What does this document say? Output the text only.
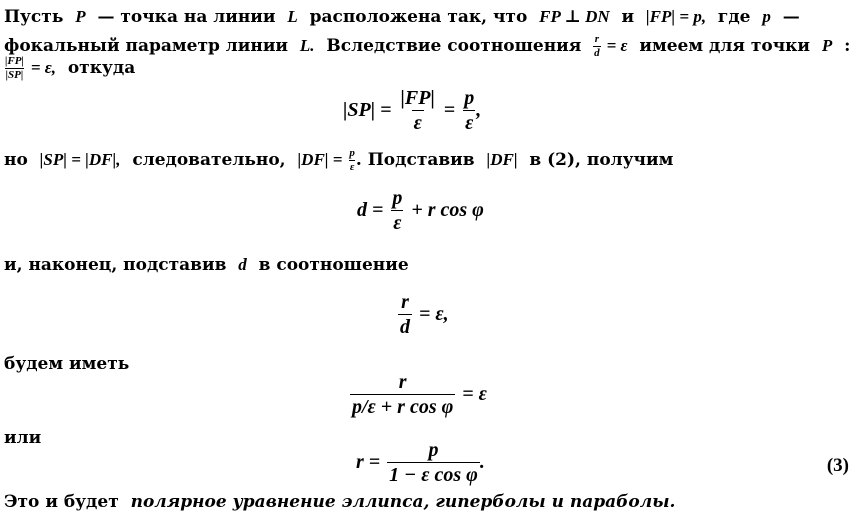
Пусть P — точка на линии L расположена так, что FP ⊥ DN и |FP| = p, где p —
фокальный параметр линии L. Вследствие соотношения $\frac{r}{d} = \varepsilon$ имеем для точки P :
$\frac{|FP|}{|SP|} = \varepsilon$, откуда
$|SP| = \frac{|FP|}{\varepsilon} = \frac{p}{\varepsilon}$ ,
но |SP| = |DF|, следовательно, $|DF| = \frac{p}{\varepsilon}$ . Подставив |DF| в (2), получим
$d = \frac{p}{\varepsilon} + r$ cos φ
и, наконец, подставив d в соотношение
$\frac{r}{d} = \varepsilon$,
будем иметь
$\frac{r}{\text{p/ε + r cos φ}} = \varepsilon$
или
$r = \frac{p}{\text{1 − ε cos φ}}$ .	(3)
Это и будет полярное уравнение эллипса, гиперболы и параболы.
